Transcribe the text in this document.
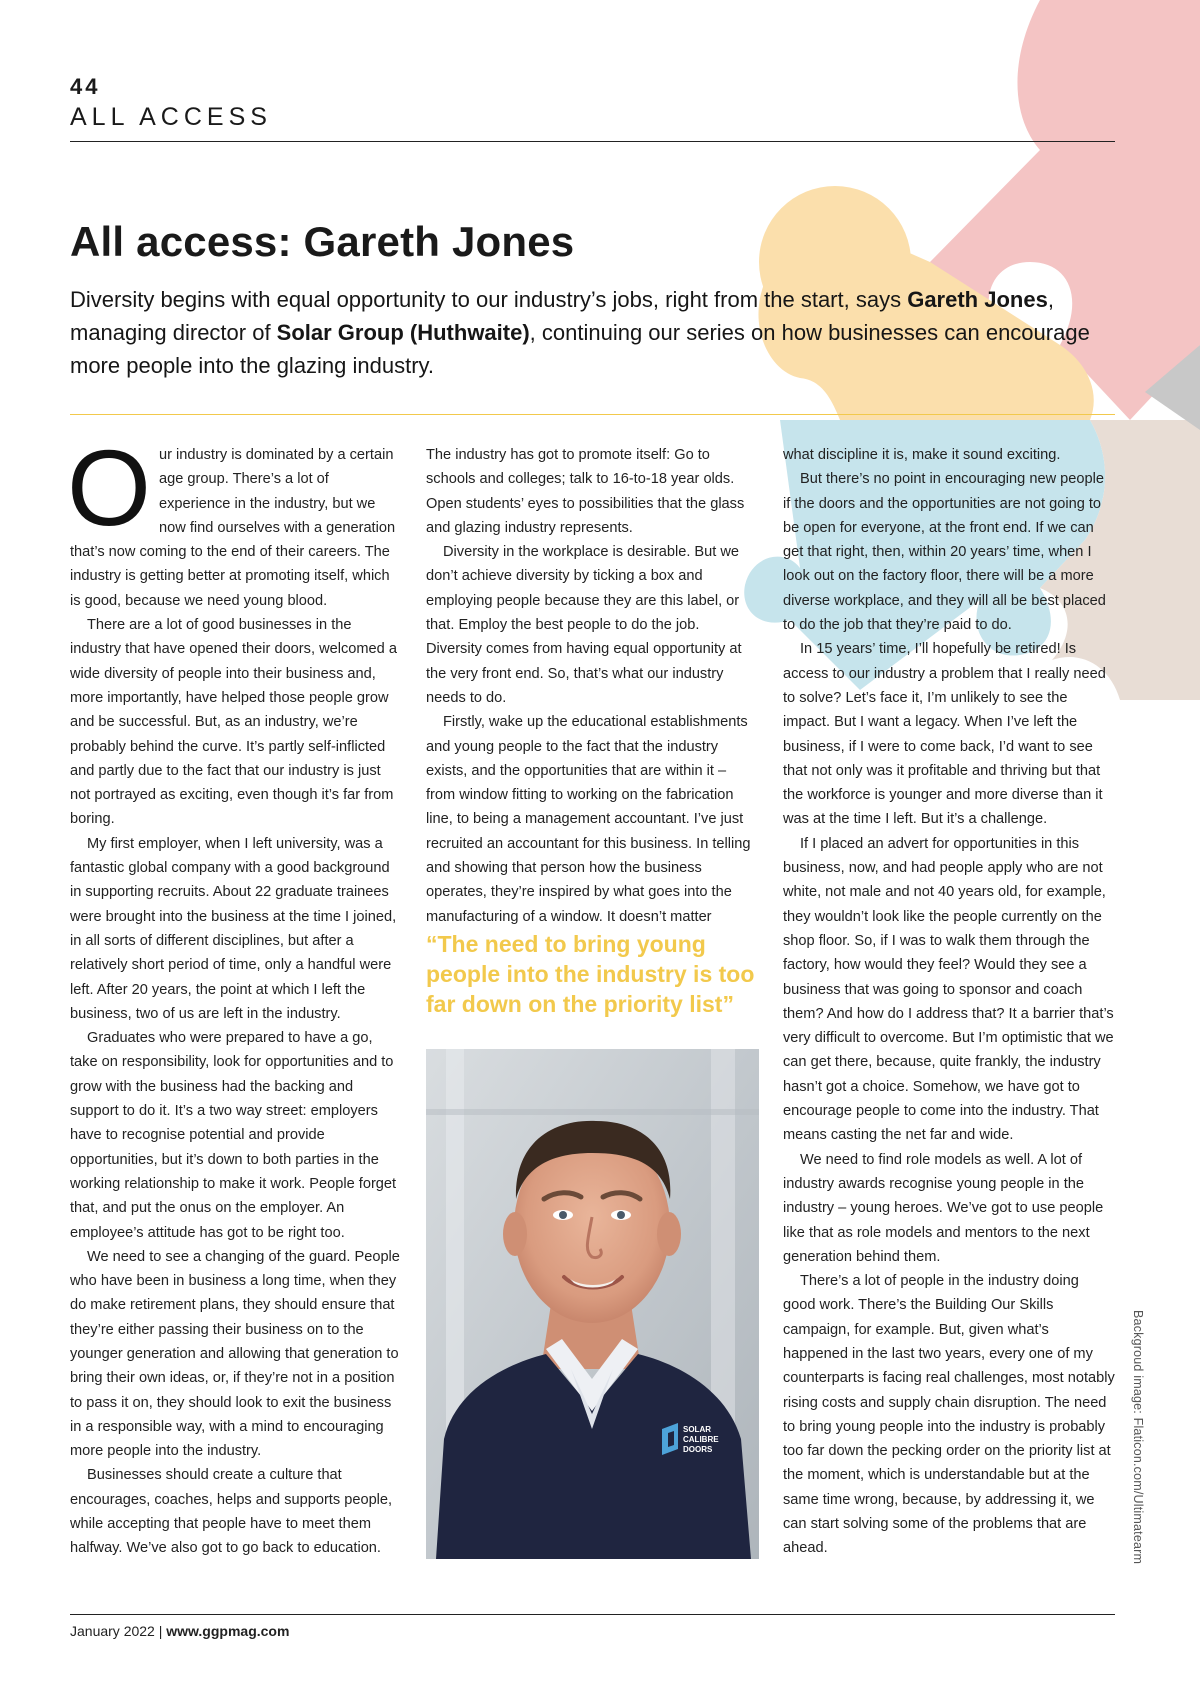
44
ALL ACCESS
All access: Gareth Jones

Diversity begins with equal opportunity to our industry’s jobs, right from the start, says Gareth Jones, managing director of Solar Group (Huthwaite), continuing our series on how businesses can encourage more people into the glazing industry.

Our industry is dominated by a certain age group. There’s a lot of experience in the industry, but we now find ourselves with a generation that’s now coming to the end of their careers. The industry is getting better at promoting itself, which is good, because we need young blood.

There are a lot of good businesses in the industry that have opened their doors, welcomed a wide diversity of people into their business and, more importantly, have helped those people grow and be successful. But, as an industry, we’re probably behind the curve. It’s partly self-inflicted and partly due to the fact that our industry is just not portrayed as exciting, even though it’s far from boring.

My first employer, when I left university, was a fantastic global company with a good background in supporting recruits. About 22 graduate trainees were brought into the business at the time I joined, in all sorts of different disciplines, but after a relatively short period of time, only a handful were left. After 20 years, the point at which I left the business, two of us are left in the industry.

Graduates who were prepared to have a go, take on responsibility, look for opportunities and to grow with the business had the backing and support to do it. It’s a two way street: employers have to recognise potential and provide opportunities, but it’s down to both parties in the working relationship to make it work. People forget that, and put the onus on the employer. An employee’s attitude has got to be right too.

We need to see a changing of the guard. People who have been in business a long time, when they do make retirement plans, they should ensure that they’re either passing their business on to the younger generation and allowing that generation to bring their own ideas, or, if they’re not in a position to pass it on, they should look to exit the business in a responsible way, with a mind to encouraging more people into the industry.

Businesses should create a culture that encourages, coaches, helps and supports people, while accepting that people have to meet them halfway. We’ve also got to go back to education.

The industry has got to promote itself: Go to schools and colleges; talk to 16-to-18 year olds. Open students’ eyes to possibilities that the glass and glazing industry represents.

Diversity in the workplace is desirable. But we don’t achieve diversity by ticking a box and employing people because they are this label, or that. Employ the best people to do the job. Diversity comes from having equal opportunity at the very front end. So, that’s what our industry needs to do.

Firstly, wake up the educational establishments and young people to the fact that the industry exists, and the opportunities that are within it – from window fitting to working on the fabrication line, to being a management accountant. I’ve just recruited an accountant for this business. In telling and showing that person how the business operates, they’re inspired by what goes into the manufacturing of a window. It doesn’t matter

“The need to bring young people into the industry is too far down on the priority list”

SOLAR
CALIBRE
DOORS

what discipline it is, make it sound exciting.

But there’s no point in encouraging new people if the doors and the opportunities are not going to be open for everyone, at the front end. If we can get that right, then, within 20 years’ time, when I look out on the factory floor, there will be a more diverse workplace, and they will all be best placed to do the job that they’re paid to do.

In 15 years’ time, I’ll hopefully be retired! Is access to our industry a problem that I really need to solve? Let’s face it, I’m unlikely to see the impact. But I want a legacy. When I’ve left the business, if I were to come back, I’d want to see that not only was it profitable and thriving but that the workforce is younger and more diverse than it was at the time I left. But it’s a challenge.

If I placed an advert for opportunities in this business, now, and had people apply who are not white, not male and not 40 years old, for example, they wouldn’t look like the people currently on the shop floor. So, if I was to walk them through the factory, how would they feel? Would they see a business that was going to sponsor and coach them? And how do I address that? It a barrier that’s very difficult to overcome. But I’m optimistic that we can get there, because, quite frankly, the industry hasn’t got a choice. Somehow, we have got to encourage people to come into the industry. That means casting the net far and wide.

We need to find role models as well. A lot of industry awards recognise young people in the industry – young heroes. We’ve got to use people like that as role models and mentors to the next generation behind them.

There’s a lot of people in the industry doing good work. There’s the Building Our Skills campaign, for example. But, given what’s happened in the last two years, every one of my counterparts is facing real challenges, most notably rising costs and supply chain disruption. The need to bring young people into the industry is probably too far down the pecking order on the priority list at the moment, which is understandable but at the same time wrong, because, by addressing it, we can start solving some of the problems that are ahead.	Backgroud image: Flaticon.com/Ultimatearm
January 2022 | www.ggpmag.com
